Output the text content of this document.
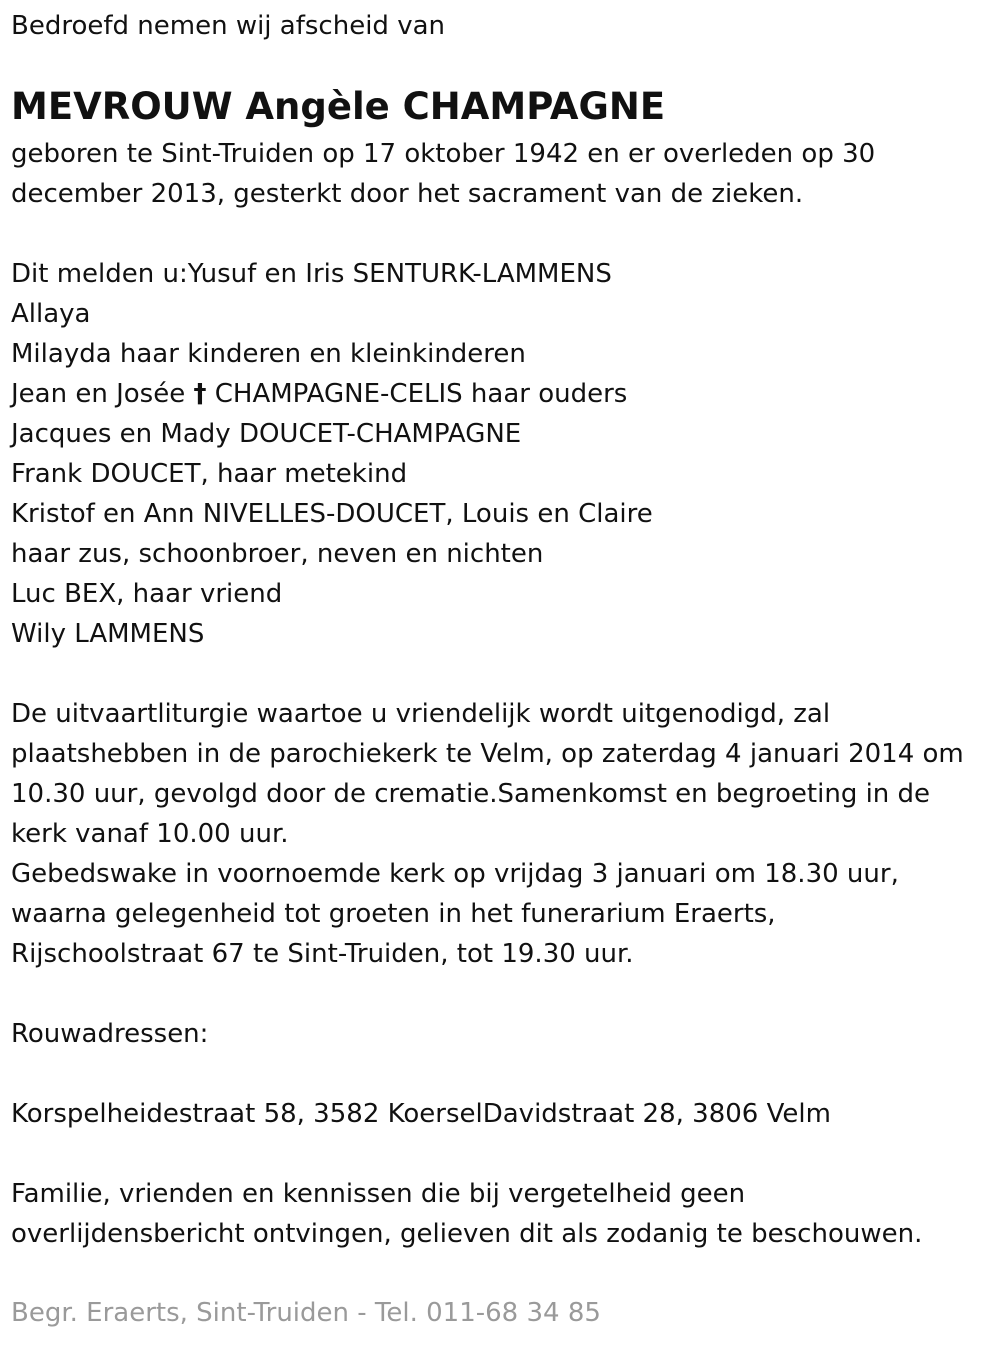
Bedroefd nemen wij afscheid van

MEVROUW Angèle CHAMPAGNE

geboren te Sint-Truiden op 17 oktober 1942 en er overleden op 30

december 2013, gesterkt door het sacrament van de zieken.

Dit melden u:Yusuf en Iris SENTURK-LAMMENS

Allaya

Milayda haar kinderen en kleinkinderen

Jean en Josée † CHAMPAGNE-CELIS haar ouders

Jacques en Mady DOUCET-CHAMPAGNE

Frank DOUCET, haar metekind

Kristof en Ann NIVELLES-DOUCET, Louis en Claire

haar zus, schoonbroer, neven en nichten

Luc BEX, haar vriend

Wily LAMMENS

De uitvaartliturgie waartoe u vriendelijk wordt uitgenodigd, zal

plaatshebben in de parochiekerk te Velm, op zaterdag 4 januari 2014 om

10.30 uur, gevolgd door de crematie.Samenkomst en begroeting in de

kerk vanaf 10.00 uur.

Gebedswake in voornoemde kerk op vrijdag 3 januari om 18.30 uur,

waarna gelegenheid tot groeten in het funerarium Eraerts,

Rijschoolstraat 67 te Sint-Truiden, tot 19.30 uur.

Rouwadressen:

Korspelheidestraat 58, 3582 KoerselDavidstraat 28, 3806 Velm

Familie, vrienden en kennissen die bij vergetelheid geen

overlijdensbericht ontvingen, gelieven dit als zodanig te beschouwen.

Begr. Eraerts, Sint-Truiden - Tel. 011-68 34 85
